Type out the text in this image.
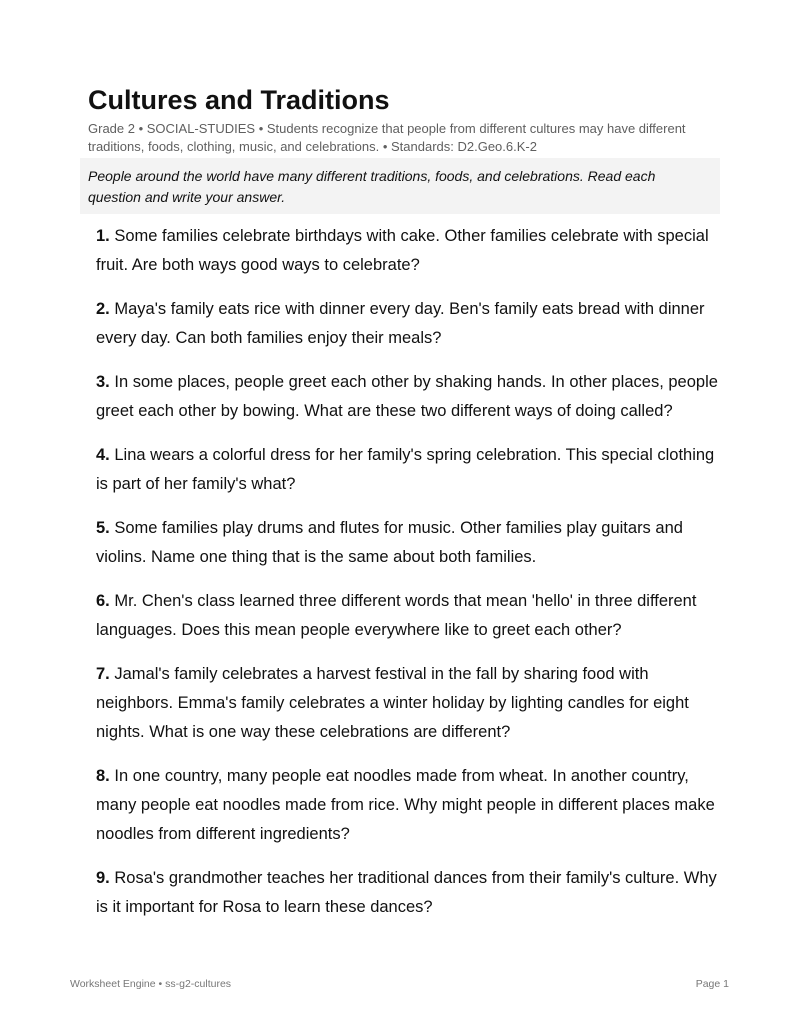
Cultures and Traditions

Grade 2 • SOCIAL-STUDIES • Students recognize that people from different cultures may have different traditions, foods, clothing, music, and celebrations. • Standards: D2.Geo.6.K-2

People around the world have many different traditions, foods, and celebrations. Read each question and write your answer.
1. Some families celebrate birthdays with cake. Other families celebrate with special fruit. Are both ways good ways to celebrate?
2. Maya's family eats rice with dinner every day. Ben's family eats bread with dinner every day. Can both families enjoy their meals?
3. In some places, people greet each other by shaking hands. In other places, people greet each other by bowing. What are these two different ways of doing called?
4. Lina wears a colorful dress for her family's spring celebration. This special clothing is part of her family's what?
5. Some families play drums and flutes for music. Other families play guitars and violins. Name one thing that is the same about both families.
6. Mr. Chen's class learned three different words that mean 'hello' in three different languages. Does this mean people everywhere like to greet each other?
7. Jamal's family celebrates a harvest festival in the fall by sharing food with neighbors. Emma's family celebrates a winter holiday by lighting candles for eight nights. What is one way these celebrations are different?
8. In one country, many people eat noodles made from wheat. In another country, many people eat noodles made from rice. Why might people in different places make noodles from different ingredients?
9. Rosa's grandmother teaches her traditional dances from their family's culture. Why is it important for Rosa to learn these dances?
Worksheet Engine • ss-g2-cultures	Page 1
